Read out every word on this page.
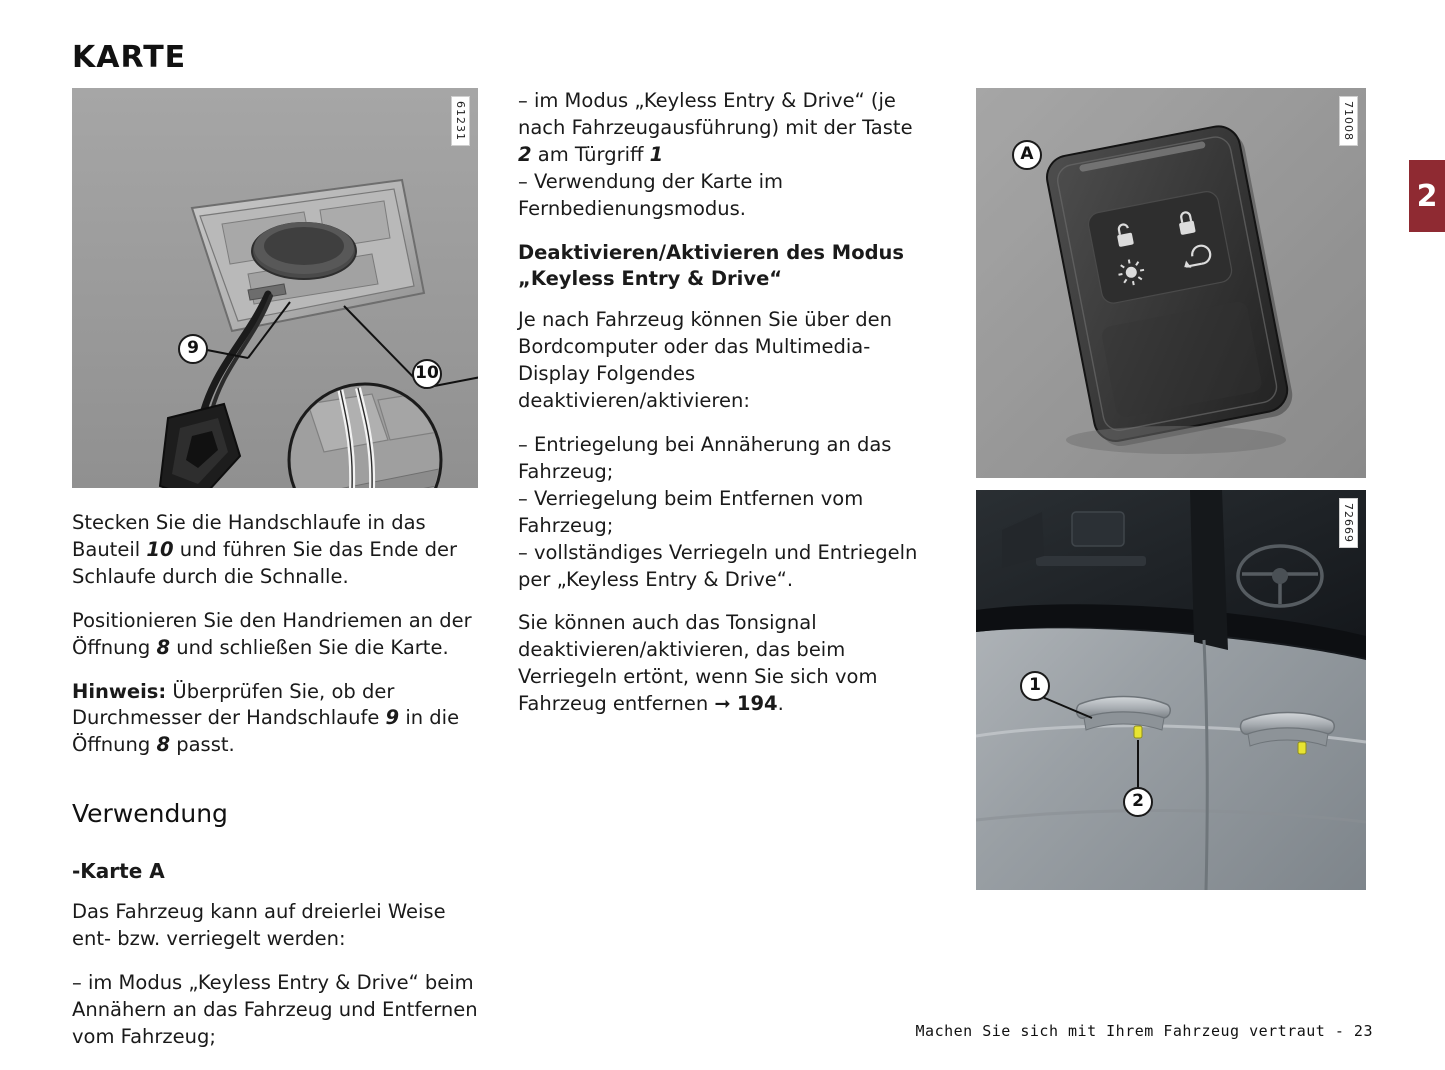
KARTE
2
61231
9
10

Stecken Sie die Handschlaufe in das Bauteil 10 und führen Sie das Ende der Schlaufe durch die Schnalle.

Positionieren Sie den Handriemen an der Öffnung 8 und schließen Sie die Karte.

Hinweis: Überprüfen Sie, ob der Durchmesser der Handschlaufe 9 in die Öffnung 8 passt.

Verwendung
-Karte A

Das Fahrzeug kann auf dreierlei Weise ent- bzw. verriegelt werden:

– im Modus „Keyless Entry & Drive“ beim Annähern an das Fahrzeug und Entfernen vom Fahrzeug;

– im Modus „Keyless Entry & Drive“ (je nach Fahrzeugausführung) mit der Taste 2 am Türgriff 1

– Verwendung der Karte im Fernbedienungsmodus.

Deaktivieren/Aktivieren des Modus „Keyless Entry & Drive“

Je nach Fahrzeug können Sie über den Bordcomputer oder das Multimedia-Display Folgendes deaktivieren/aktivieren:

– Entriegelung bei Annäherung an das Fahrzeug;

– Verriegelung beim Entfernen vom Fahrzeug;

– vollständiges Verriegeln und Entriegeln per „Keyless Entry & Drive“.

Sie können auch das Tonsignal deaktivieren/aktivieren, das beim Verriegeln ertönt, wenn Sie sich vom Fahrzeug entfernen ➞ 194.

71008
A
72669
1
2
Machen Sie sich mit Ihrem Fahrzeug vertraut - 23
